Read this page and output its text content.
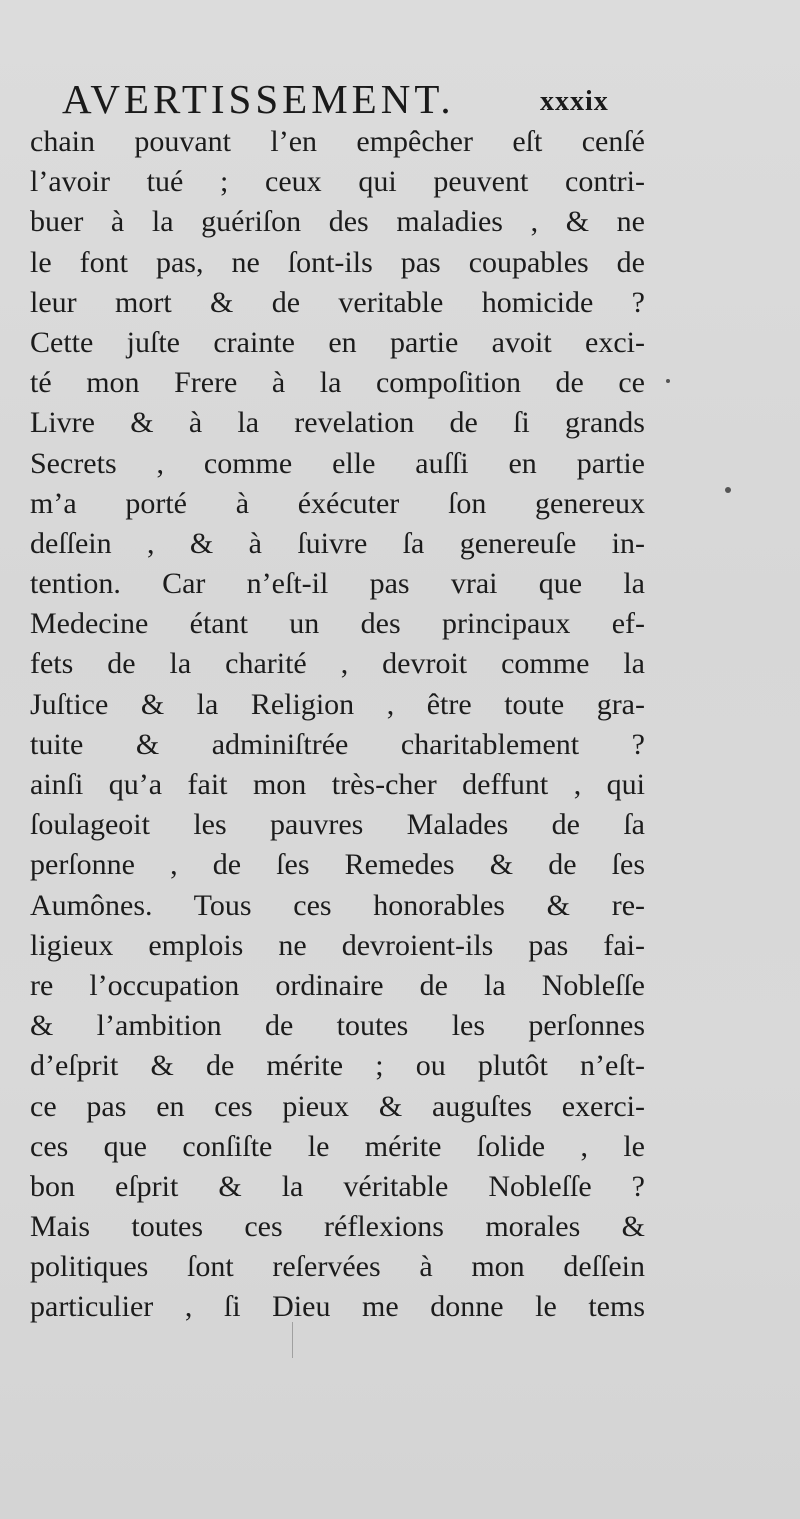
AVERTISSEMENT.	xxxix
chain pouvant l’en empêcher eſt cenſé
l’avoir tué ; ceux qui peuvent contri-
buer à la guériſon des maladies , & ne
le font pas, ne ſont-ils pas coupables de
leur mort & de veritable homicide ?
Cette juſte crainte en partie avoit exci-
té mon Frere à la compoſition de ce
Livre & à la revelation de ſi grands
Secrets , comme elle auſſi en partie
m’a porté à éxécuter ſon genereux
deſſein , & à ſuivre ſa genereuſe in-
tention. Car n’eſt-il pas vrai que la
Medecine étant un des principaux ef-
fets de la charité , devroit comme la
Juſtice & la Religion , être toute gra-
tuite & adminiſtrée charitablement ?
ainſi qu’a fait mon très-cher deffunt , qui
ſoulageoit les pauvres Malades de ſa
perſonne , de ſes Remedes & de ſes
Aumônes. Tous ces honorables & re-
ligieux emplois ne devroient-ils pas fai-
re l’occupation ordinaire de la Nobleſſe
& l’ambition de toutes les perſonnes
d’eſprit & de mérite ; ou plutôt n’eſt-
ce pas en ces pieux & auguſtes exerci-
ces que conſiſte le mérite ſolide , le
bon eſprit & la véritable Nobleſſe ?
Mais toutes ces réflexions morales &
politiques ſont reſervées à mon deſſein
particulier , ſi Dieu me donne le tems
